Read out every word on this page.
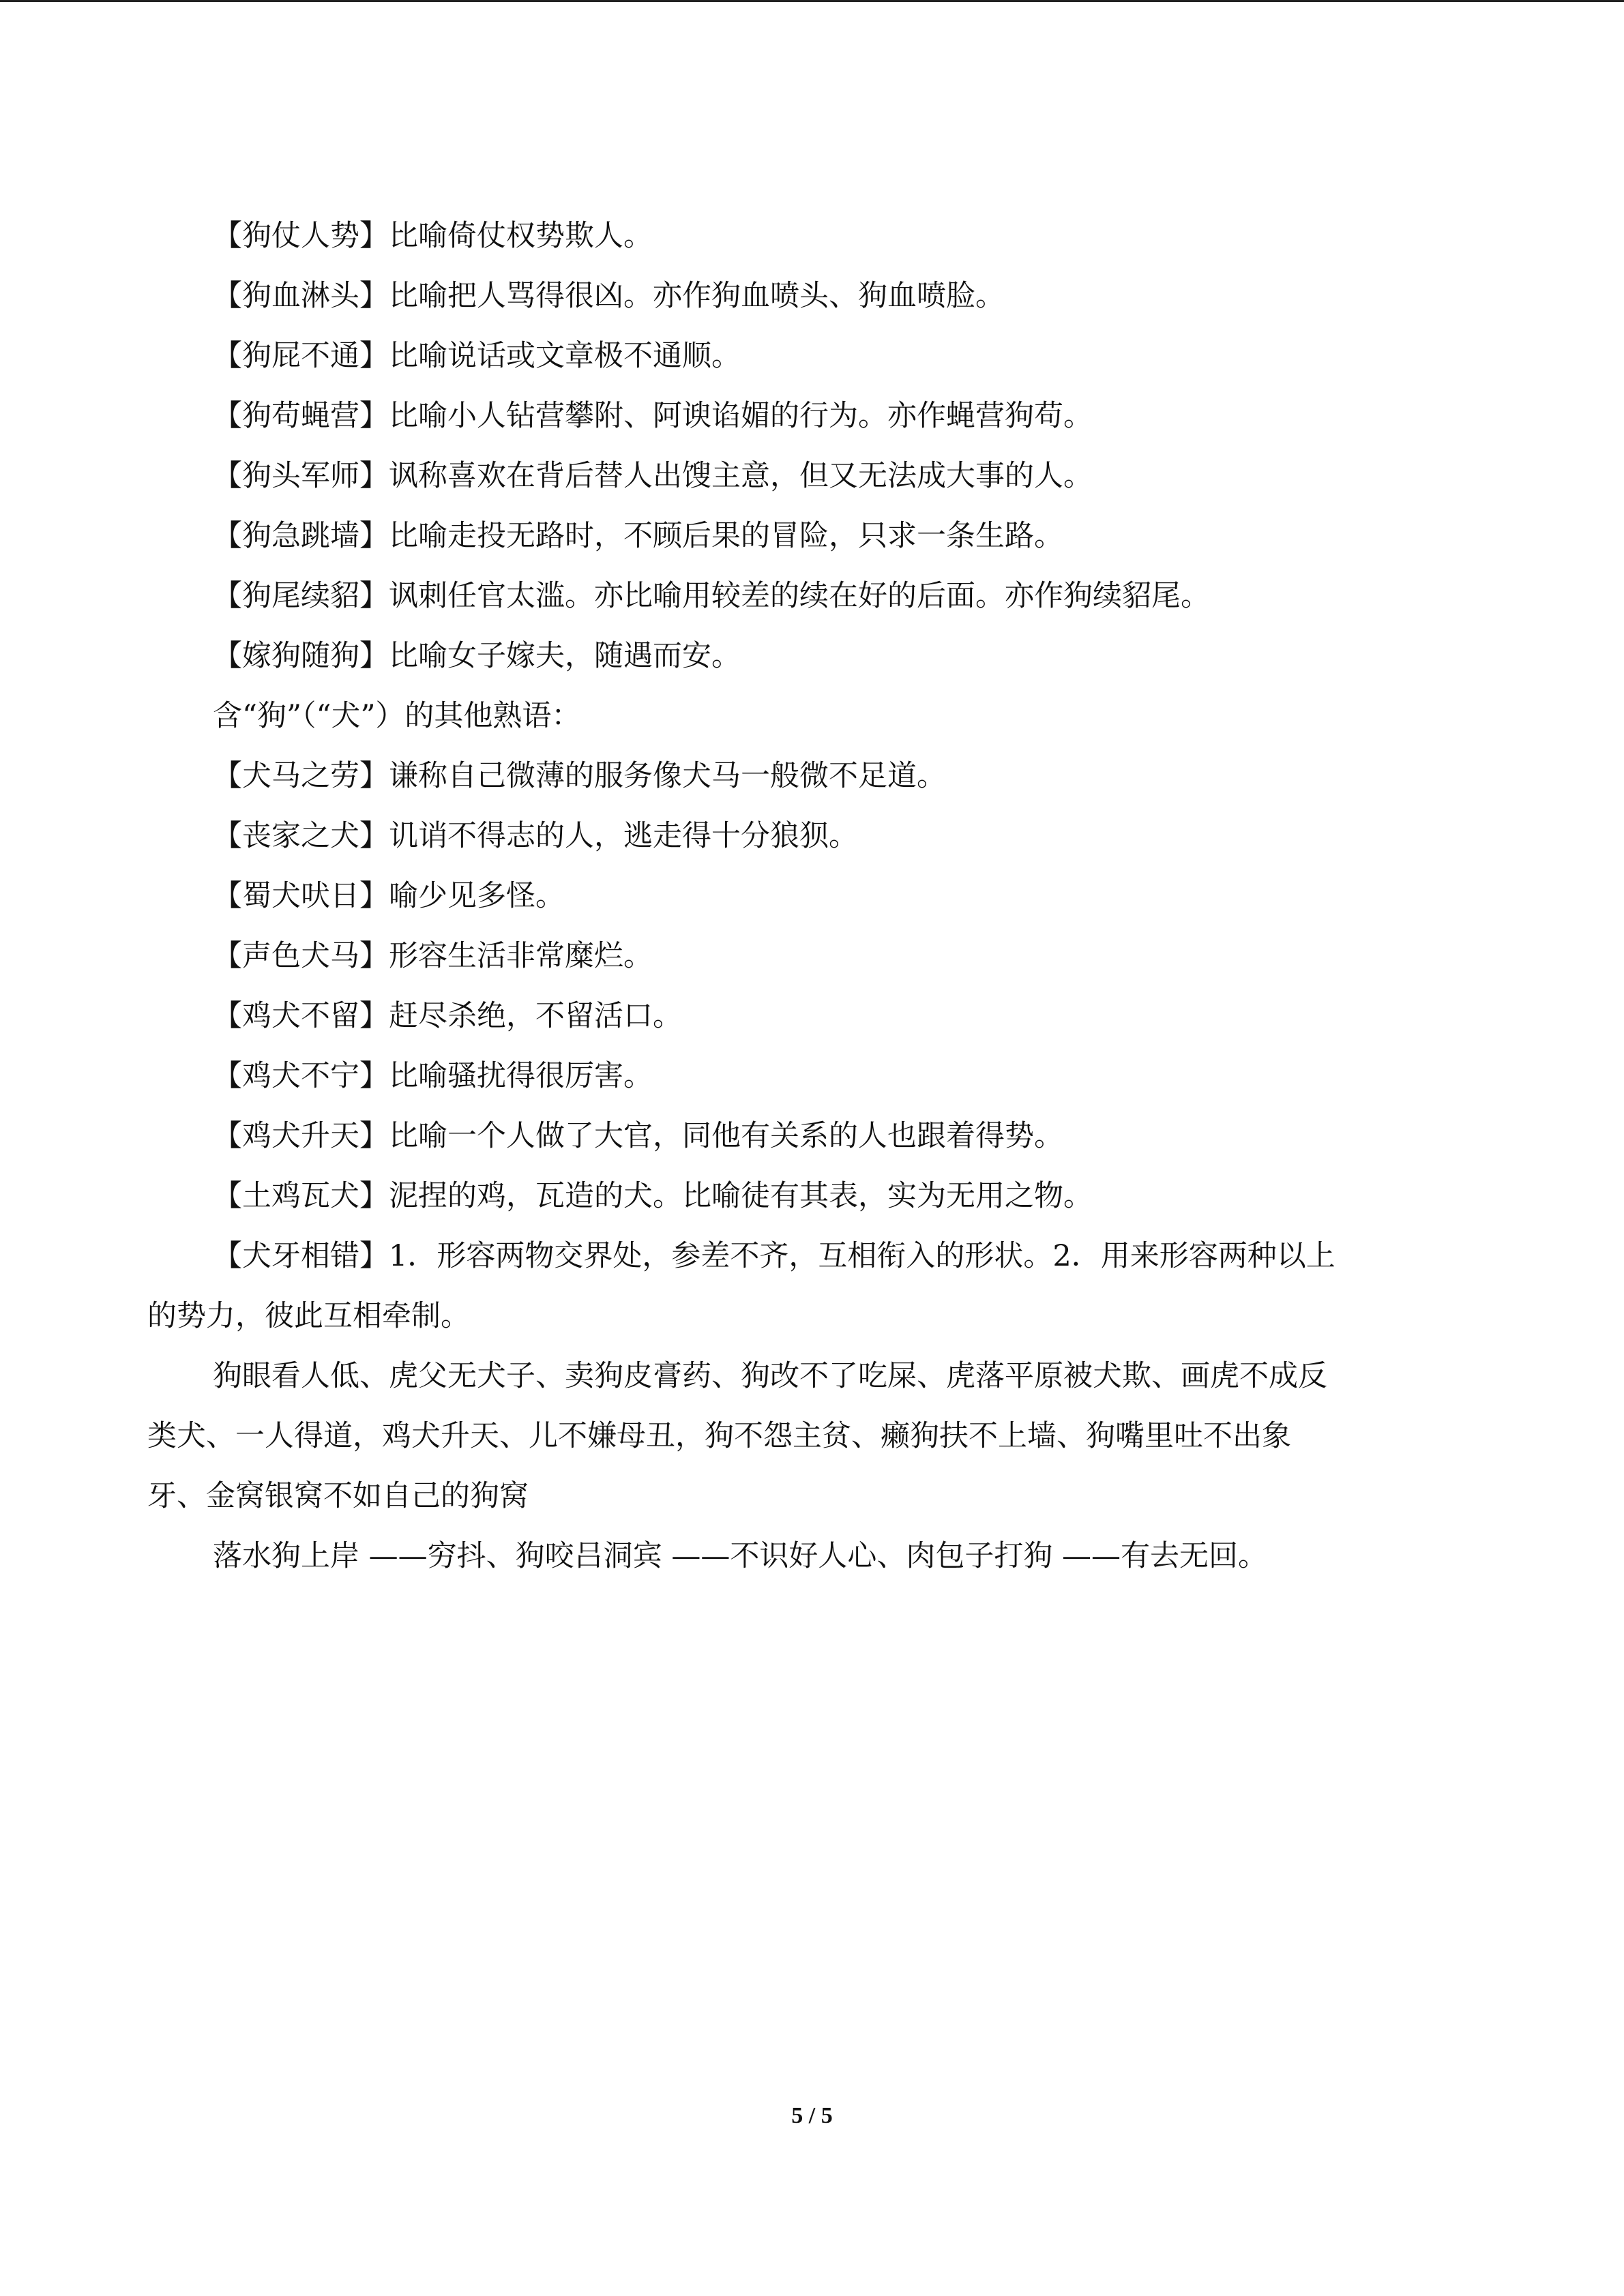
【狗仗人势】比喻倚仗权势欺人。
【狗血淋头】比喻把人骂得很凶。亦作狗血喷头、狗血喷脸。
【狗屁不通】比喻说话或文章极不通顺。
【狗苟蝇营】比喻小人钻营攀附、阿谀谄媚的行为。亦作蝇营狗苟。
【狗头军师】讽称喜欢在背后替人出馊主意，但又无法成大事的人。
【狗急跳墙】比喻走投无路时，不顾后果的冒险，只求一条生路。
【狗尾续貂】讽刺任官太滥。亦比喻用较差的续在好的后面。亦作狗续貂尾。
【嫁狗随狗】比喻女子嫁夫，随遇而安。
含“狗”（“犬”）的其他熟语：
【犬马之劳】谦称自己微薄的服务像犬马一般微不足道。
【丧家之犬】讥诮不得志的人，逃走得十分狼狈。
【蜀犬吠日】喻少见多怪。
【声色犬马】形容生活非常糜烂。
【鸡犬不留】赶尽杀绝，不留活口。
【鸡犬不宁】比喻骚扰得很厉害。
【鸡犬升天】比喻一个人做了大官，同他有关系的人也跟着得势。
【土鸡瓦犬】泥捏的鸡，瓦造的犬。比喻徒有其表，实为无用之物。
【犬牙相错】1．形容两物交界处，参差不齐，互相衔入的形状。2．用来形容两种以上
的势力，彼此互相牵制。
狗眼看人低、虎父无犬子、卖狗皮膏药、狗改不了吃屎、虎落平原被犬欺、画虎不成反
类犬、一人得道，鸡犬升天、儿不嫌母丑，狗不怨主贫、癞狗扶不上墙、狗嘴里吐不出象
牙、金窝银窝不如自己的狗窝
落水狗上岸 ——穷抖、狗咬吕洞宾 ——不识好人心、肉包子打狗 ——有去无回。
5 / 5
